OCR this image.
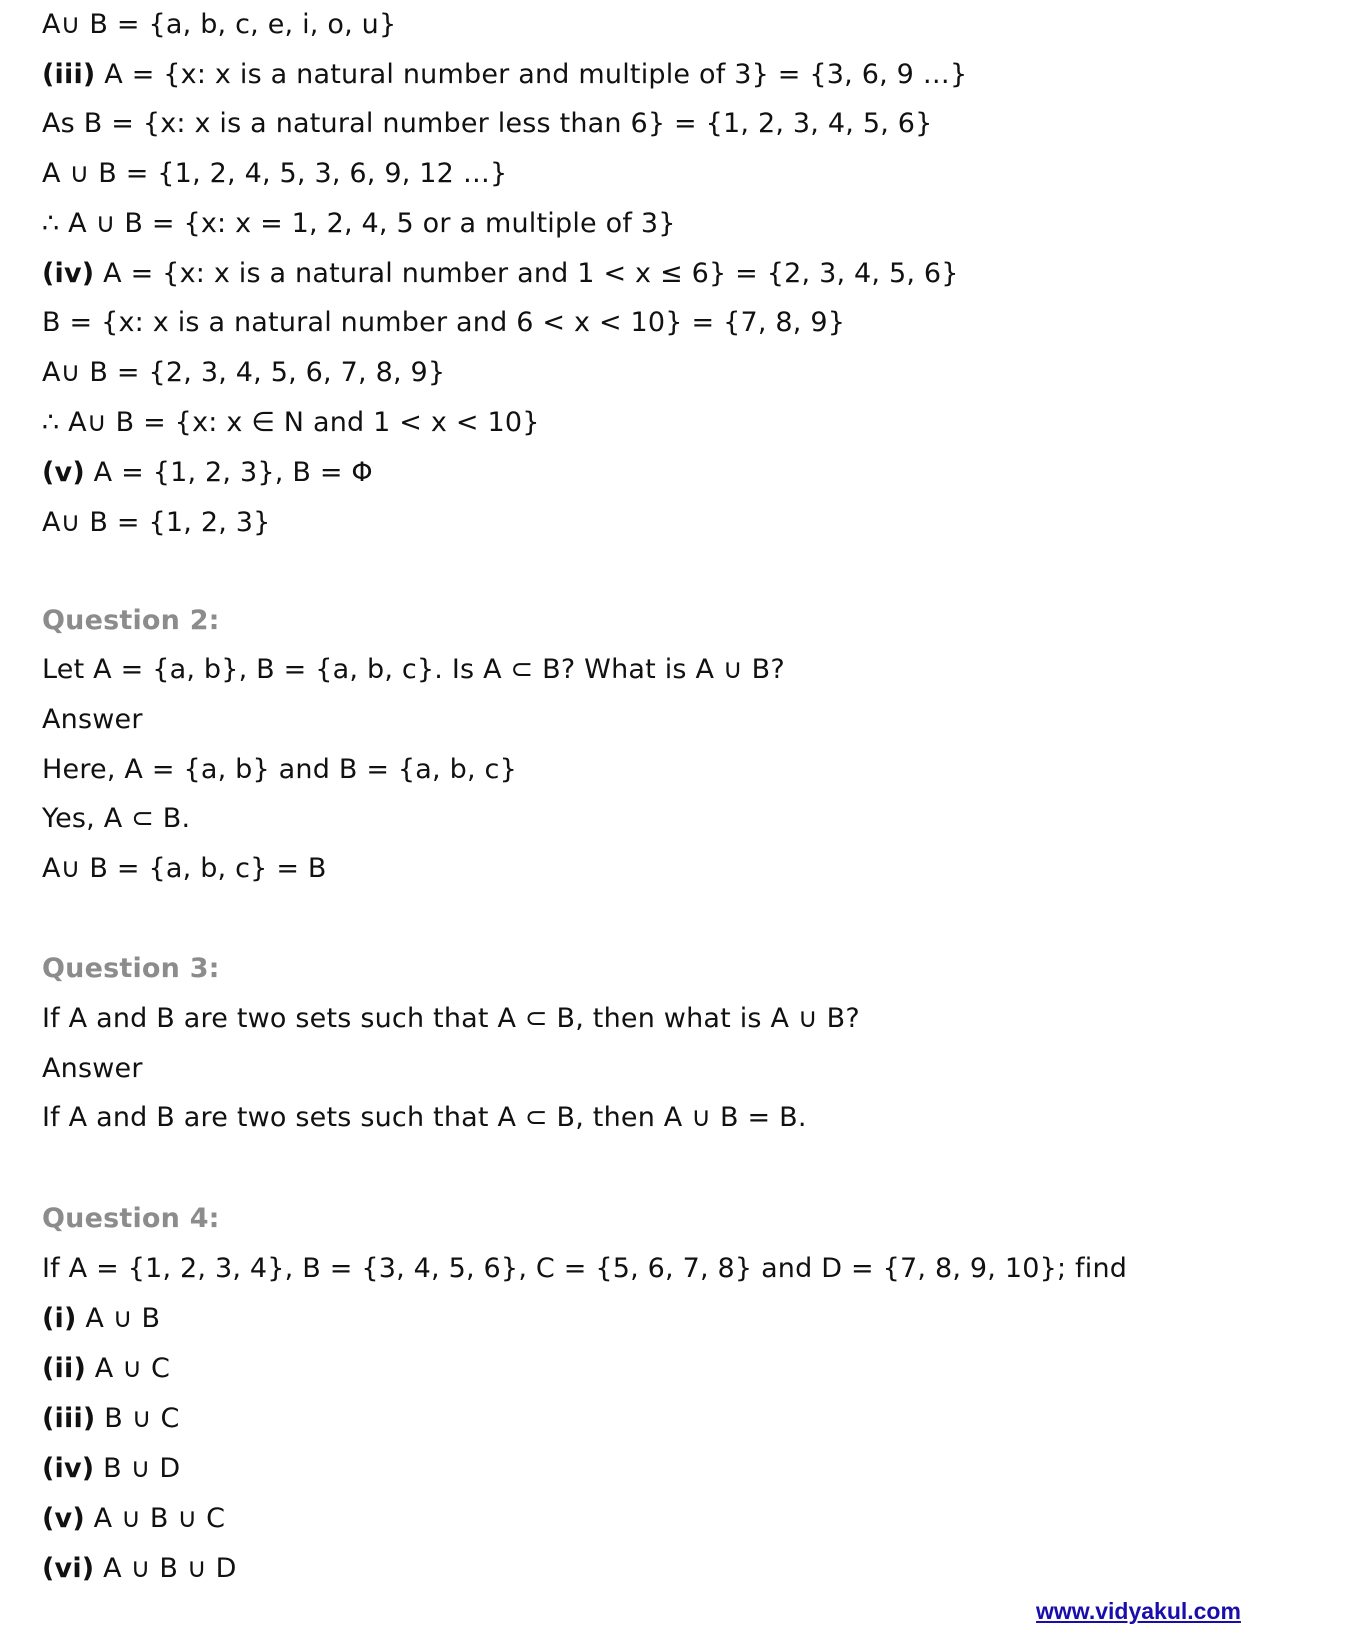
A∪ B = {a, b, c, e, i, o, u}
(iii) A = {x: x is a natural number and multiple of 3} = {3, 6, 9 …}
As B = {x: x is a natural number less than 6} = {1, 2, 3, 4, 5, 6}
A ∪ B = {1, 2, 4, 5, 3, 6, 9, 12 …}
∴ A ∪ B = {x: x = 1, 2, 4, 5 or a multiple of 3}
(iv) A = {x: x is a natural number and 1 < x ≤ 6} = {2, 3, 4, 5, 6}
B = {x: x is a natural number and 6 < x < 10} = {7, 8, 9}
A∪ B = {2, 3, 4, 5, 6, 7, 8, 9}
∴ A∪ B = {x: x ∈ N and 1 < x < 10}
(v) A = {1, 2, 3}, B = Φ
A∪ B = {1, 2, 3}
Question 2:
Let A = {a, b}, B = {a, b, c}. Is A ⊂ B? What is A ∪ B?
Answer
Here, A = {a, b} and B = {a, b, c}
Yes, A ⊂ B.
A∪ B = {a, b, c} = B
Question 3:
If A and B are two sets such that A ⊂ B, then what is A ∪ B?
Answer
If A and B are two sets such that A ⊂ B, then A ∪ B = B.
Question 4:
If A = {1, 2, 3, 4}, B = {3, 4, 5, 6}, C = {5, 6, 7, 8} and D = {7, 8, 9, 10}; find
(i) A ∪ B
(ii) A ∪ C
(iii) B ∪ C
(iv) B ∪ D
(v) A ∪ B ∪ C
(vi) A ∪ B ∪ D
www.vidyakul.com
